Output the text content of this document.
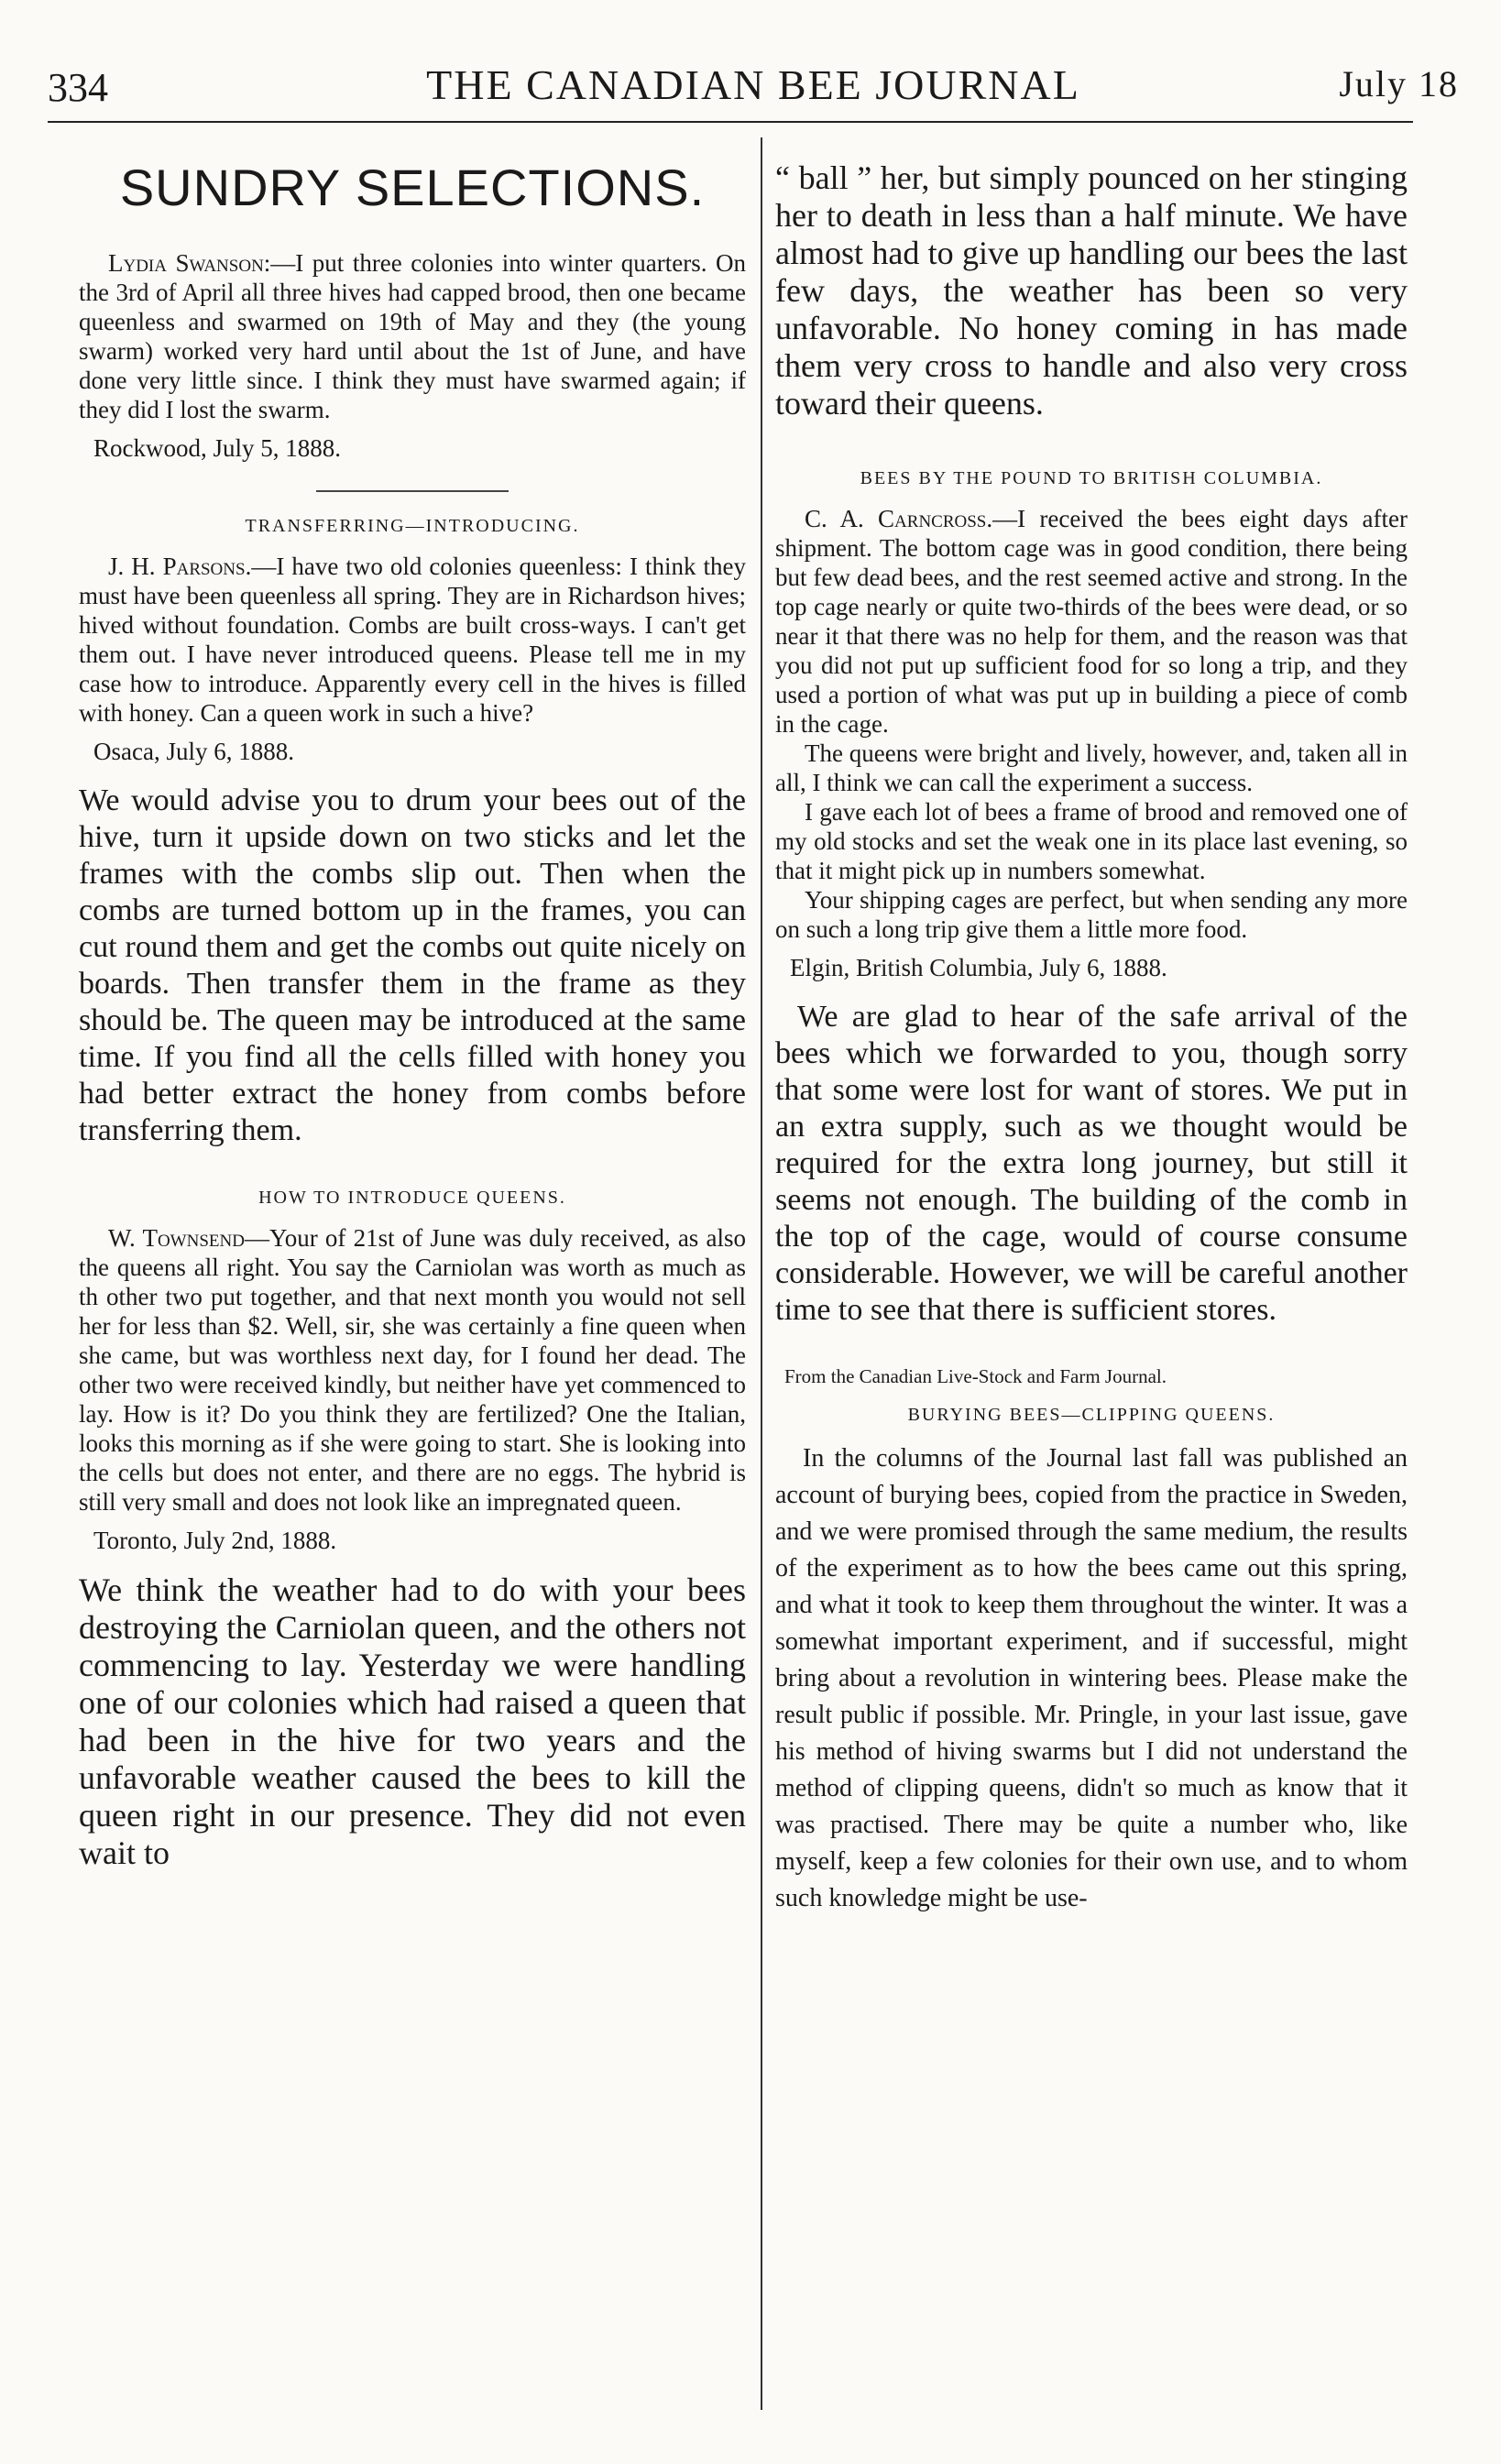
334	THE CANADIAN BEE JOURNAL	July 18
SUNDRY SELECTIONS.

Lydia Swanson:—I put three colonies into winter quarters. On the 3rd of April all three hives had capped brood, then one became queenless and swarmed on 19th of May and they (the young swarm) worked very hard until about the 1st of June, and have done very little since. I think they must have swarmed again; if they did I lost the swarm.

Rockwood, July 5, 1888.
TRANSFERRING—INTRODUCING.

J. H. Parsons.—I have two old colonies queenless: I think they must have been queenless all spring. They are in Richardson hives; hived without foundation. Combs are built cross-ways. I can't get them out. I have never introduced queens. Please tell me in my case how to introduce. Apparently every cell in the hives is filled with honey. Can a queen work in such a hive?

Osaca, July 6, 1888.

We would advise you to drum your bees out of the hive, turn it upside down on two sticks and let the frames with the combs slip out. Then when the combs are turned bottom up in the frames, you can cut round them and get the combs out quite nicely on boards. Then transfer them in the frame as they should be. The queen may be introduced at the same time. If you find all the cells filled with honey you had better extract the honey from combs before transferring them.

HOW TO INTRODUCE QUEENS.

W. Townsend—Your of 21st of June was duly received, as also the queens all right. You say the Carniolan was worth as much as th other two put together, and that next month you would not sell her for less than $2. Well, sir, she was certainly a fine queen when she came, but was worthless next day, for I found her dead. The other two were received kindly, but neither have yet commenced to lay. How is it? Do you think they are fertilized? One the Italian, looks this morning as if she were going to start. She is looking into the cells but does not enter, and there are no eggs. The hybrid is still very small and does not look like an impregnated queen.

Toronto, July 2nd, 1888.

We think the weather had to do with your bees destroying the Carniolan queen, and the others not commencing to lay. Yesterday we were handling one of our colonies which had raised a queen that had been in the hive for two years and the unfavorable weather caused the bees to kill the queen right in our presence. They did not even wait to

“ ball ” her, but simply pounced on her stinging her to death in less than a half minute. We have almost had to give up handling our bees the last few days, the weather has been so very unfavorable. No honey coming in has made them very cross to handle and also very cross toward their queens.

BEES BY THE POUND TO BRITISH COLUMBIA.

C. A. Carncross.—I received the bees eight days after shipment. The bottom cage was in good condition, there being but few dead bees, and the rest seemed active and strong. In the top cage nearly or quite two-thirds of the bees were dead, or so near it that there was no help for them, and the reason was that you did not put up sufficient food for so long a trip, and they used a portion of what was put up in building a piece of comb in the cage.

The queens were bright and lively, however, and, taken all in all, I think we can call the experiment a success.

I gave each lot of bees a frame of brood and removed one of my old stocks and set the weak one in its place last evening, so that it might pick up in numbers somewhat.

Your shipping cages are perfect, but when sending any more on such a long trip give them a little more food.

Elgin, British Columbia, July 6, 1888.

We are glad to hear of the safe arrival of the bees which we forwarded to you, though sorry that some were lost for want of stores. We put in an extra supply, such as we thought would be required for the extra long journey, but still it seems not enough. The building of the comb in the top of the cage, would of course consume considerable. However, we will be careful another time to see that there is sufficient stores.

From the Canadian Live-Stock and Farm Journal.
BURYING BEES—CLIPPING QUEENS.

In the columns of the Journal last fall was published an account of burying bees, copied from the practice in Sweden, and we were promised through the same medium, the results of the experiment as to how the bees came out this spring, and what it took to keep them throughout the winter. It was a somewhat important experiment, and if successful, might bring about a revolution in wintering bees. Please make the result public if possible. Mr. Pringle, in your last issue, gave his method of hiving swarms but I did not understand the method of clipping queens, didn't so much as know that it was practised. There may be quite a number who, like myself, keep a few colonies for their own use, and to whom such knowledge might be use-
